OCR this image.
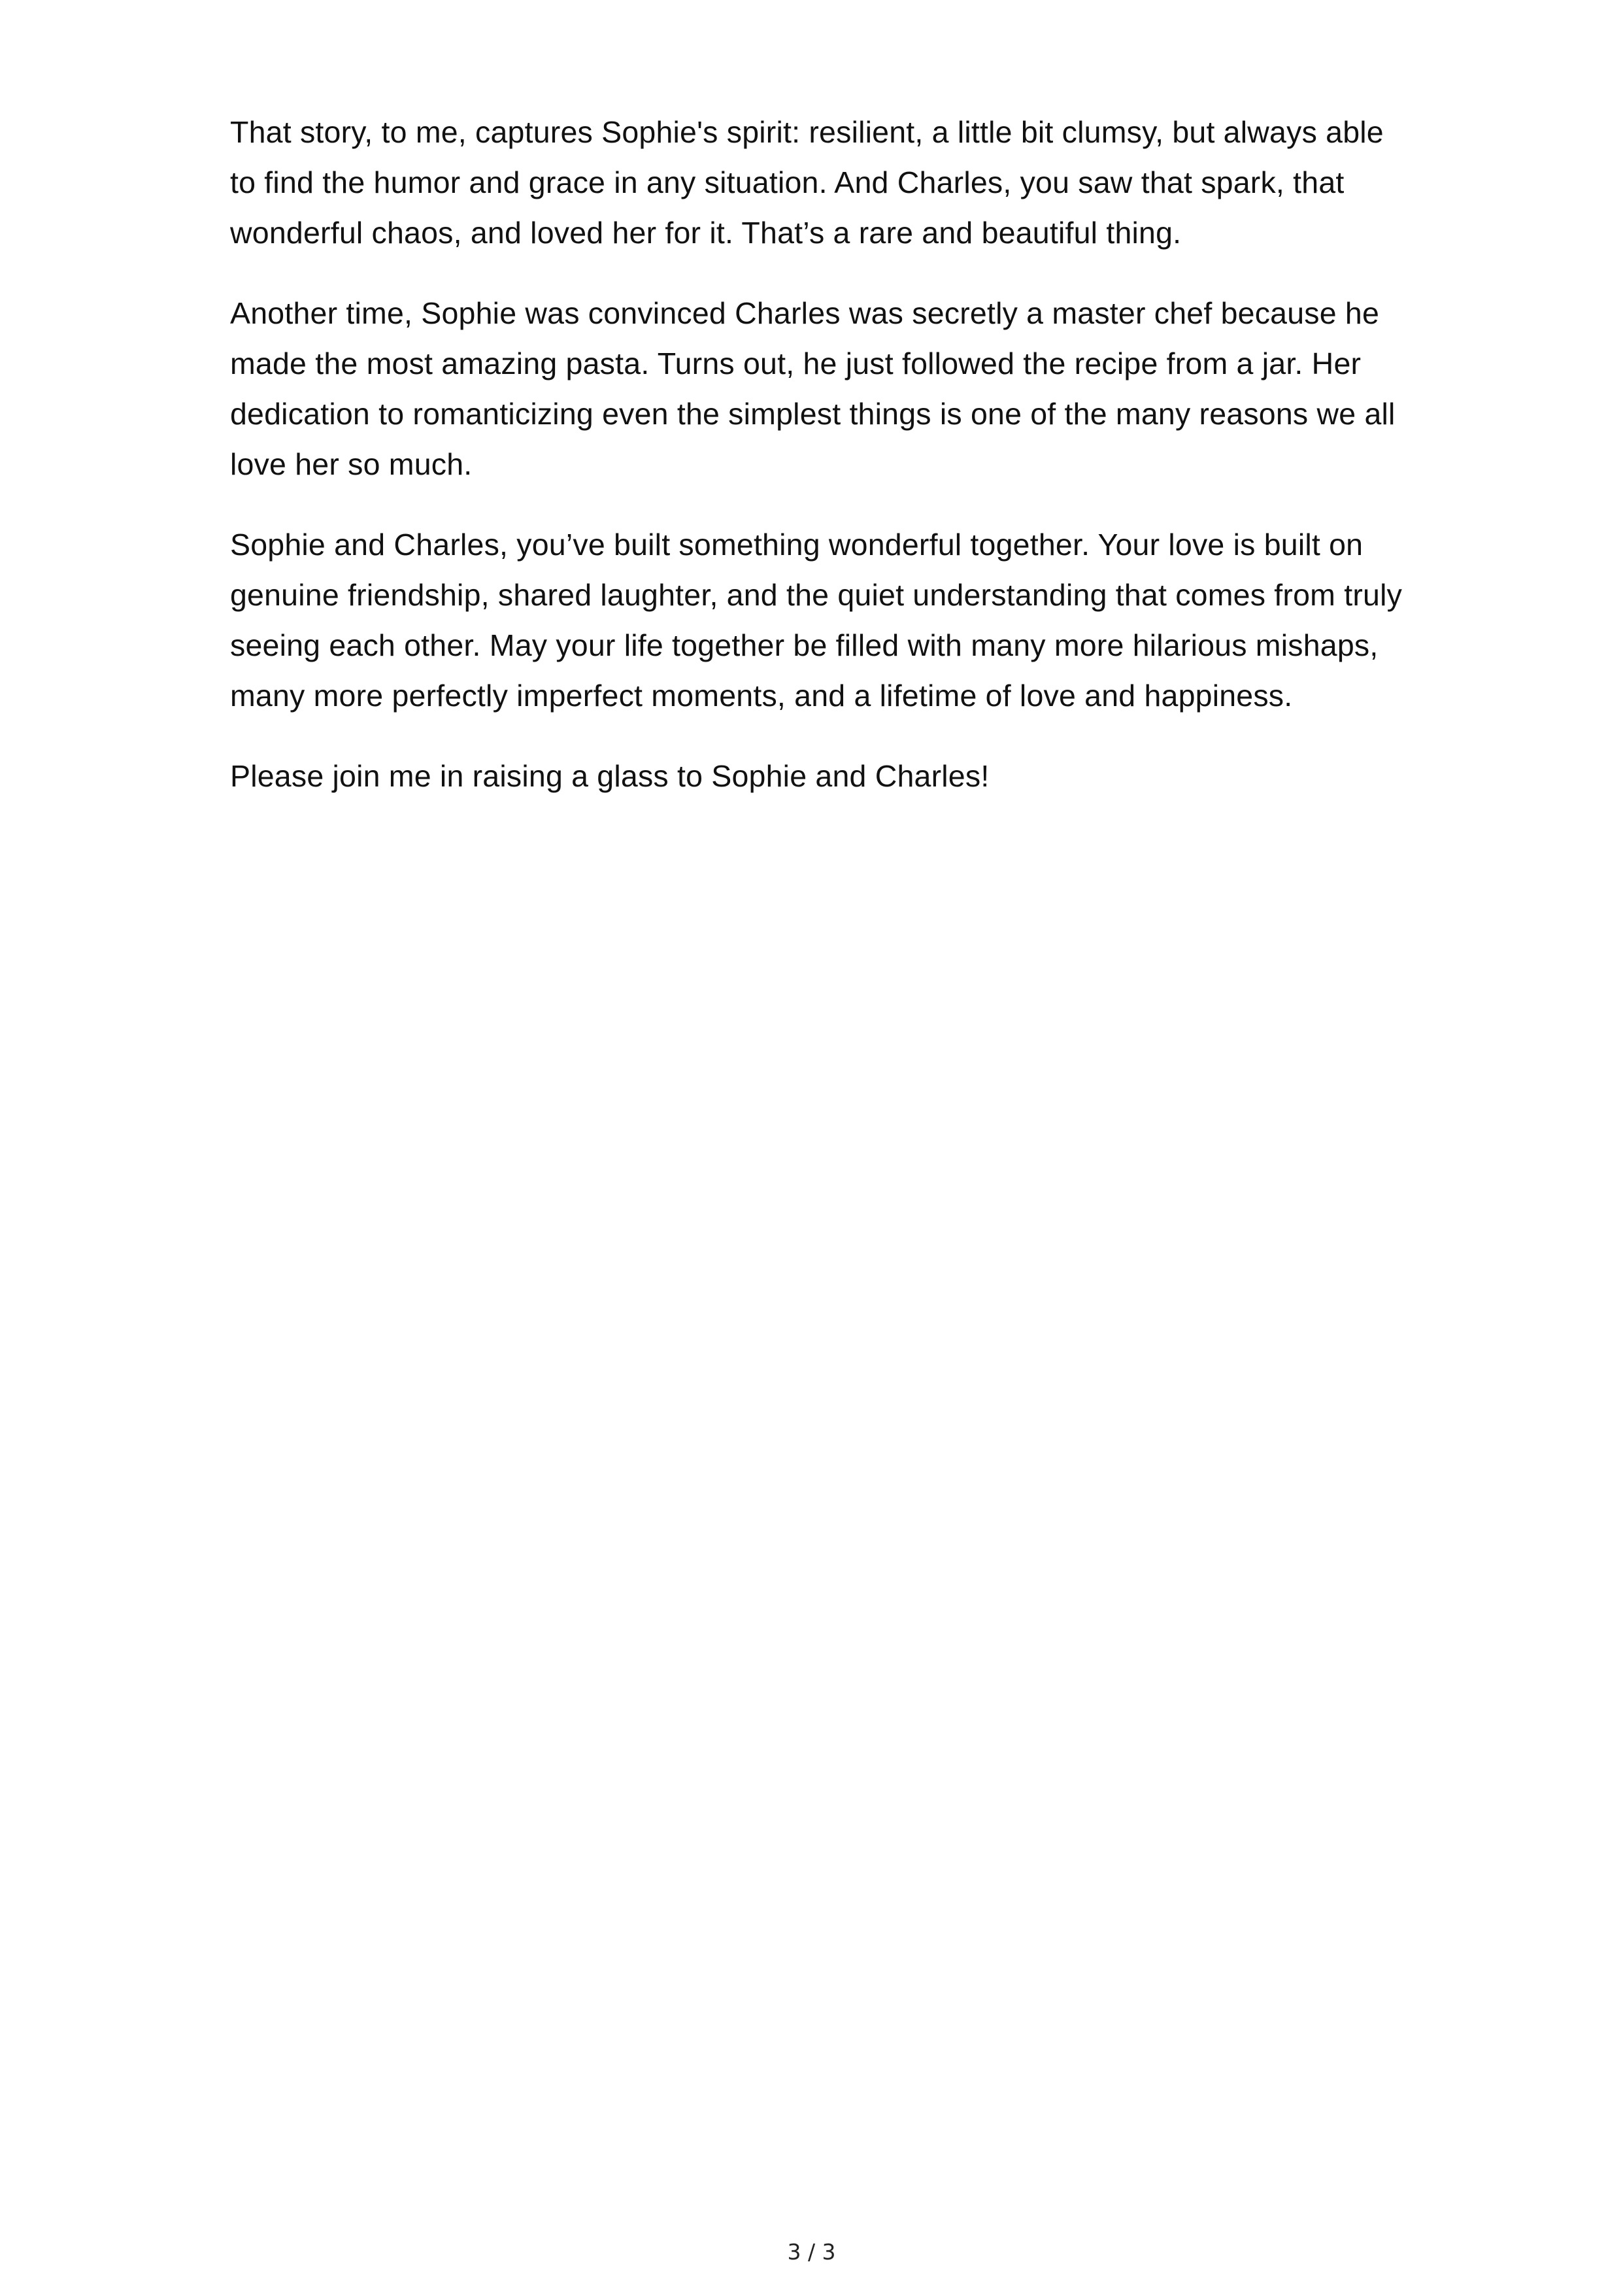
That story, to me, captures Sophie's spirit: resilient, a little bit clumsy, but always able to find the humor and grace in any situation. And Charles, you saw that spark, that wonderful chaos, and loved her for it. That’s a rare and beautiful thing.

Another time, Sophie was convinced Charles was secretly a master chef because he made the most amazing pasta. Turns out, he just followed the recipe from a jar. Her dedication to romanticizing even the simplest things is one of the many reasons we all love her so much.

Sophie and Charles, you’ve built something wonderful together. Your love is built on genuine friendship, shared laughter, and the quiet understanding that comes from truly seeing each other. May your life together be filled with many more hilarious mishaps, many more perfectly imperfect moments, and a lifetime of love and happiness.

Please join me in raising a glass to Sophie and Charles!

3 / 3
